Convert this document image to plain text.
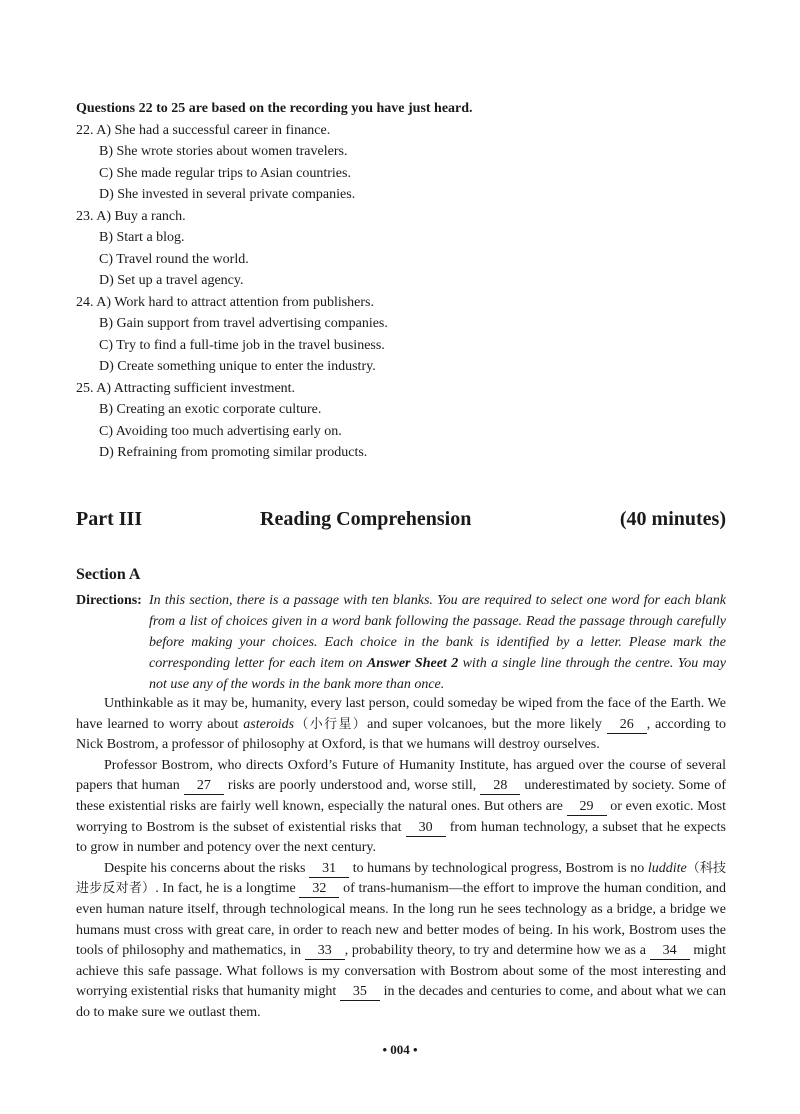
Questions 22 to 25 are based on the recording you have just heard.

22. A) She had a successful career in finance.
B) She wrote stories about women travelers.
C) She made regular trips to Asian countries.
D) She invested in several private companies.
23. A) Buy a ranch.
B) Start a blog.
C) Travel round the world.
D) Set up a travel agency.
24. A) Work hard to attract attention from publishers.
B) Gain support from travel advertising companies.
C) Try to find a full-time job in the travel business.
D) Create something unique to enter the industry.
25. A) Attracting sufficient investment.
B) Creating an exotic corporate culture.
C) Avoiding too much advertising early on.
D) Refraining from promoting similar products.
Part III	Reading Comprehension	(40 minutes)
Section A
Directions: In this section, there is a passage with ten blanks. You are required to select one word for each blank from a list of choices given in a word bank following the passage. Read the passage through carefully before making your choices. Each choice in the bank is identified by a letter. Please mark the corresponding letter for each item on Answer Sheet 2 with a single line through the centre. You may not use any of the words in the bank more than once.

Unthinkable as it may be, humanity, every last person, could someday be wiped from the face of the Earth. We have learned to worry about asteroids（小行星）and super volcanoes, but the more likely 26 , according to Nick Bostrom, a professor of philosophy at Oxford, is that we humans will destroy ourselves.

Professor Bostrom, who directs Oxford’s Future of Humanity Institute, has argued over the course of several papers that human 27 risks are poorly understood and, worse still, 28 underestimated by society. Some of these existential risks are fairly well known, especially the natural ones. But others are 29 or even exotic. Most worrying to Bostrom is the subset of existential risks that 30 from human technology, a subset that he expects to grow in number and potency over the next century.

Despite his concerns about the risks 31 to humans by technological progress, Bostrom is no luddite（科技进步反对者）. In fact, he is a longtime 32 of trans-humanism—the effort to improve the human condition, and even human nature itself, through technological means. In the long run he sees technology as a bridge, a bridge we humans must cross with great care, in order to reach new and better modes of being. In his work, Bostrom uses the tools of philosophy and mathematics, in 33 , probability theory, to try and determine how we as a 34 might achieve this safe passage. What follows is my conversation with Bostrom about some of the most interesting and worrying existential risks that humanity might 35 in the decades and centuries to come, and about what we can do to make sure we outlast them.

• 004 •
